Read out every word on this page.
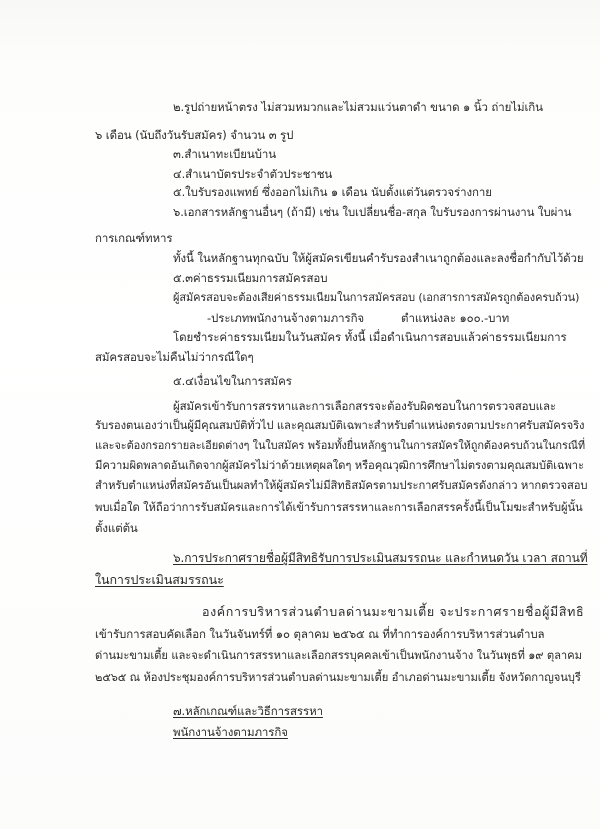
๒.รูปถ่ายหน้าตรง ไม่สวมหมวกและไม่สวมแว่นตาดำ ขนาด ๑ นิ้ว ถ่ายไม่เกิน
๖ เดือน (นับถึงวันรับสมัคร) จำนวน ๓ รูป
๓.สำเนาทะเบียนบ้าน
๔.สำเนาบัตรประจำตัวประชาชน
๕.ใบรับรองแพทย์ ซึ่งออกไม่เกิน ๑ เดือน นับตั้งแต่วันตรวจร่างกาย
๖.เอกสารหลักฐานอื่นๆ (ถ้ามี) เช่น ใบเปลี่ยนชื่อ-สกุล ใบรับรองการผ่านงาน ใบผ่าน
การเกณฑ์ทหาร
ทั้งนี้ ในหลักฐานทุกฉบับ ให้ผู้สมัครเขียนคำรับรองสำเนาถูกต้องและลงชื่อกำกับไว้ด้วย
๕.๓ค่าธรรมเนียมการสมัครสอบ
ผู้สมัครสอบจะต้องเสียค่าธรรมเนียมในการสมัครสอบ (เอกสารการสมัครถูกต้องครบถ้วน)
-ประเภทพนักงานจ้างตามภารกิจ	ตำแหน่งละ ๑๐๐.-บาท
โดยชำระค่าธรรมเนียมในวันสมัคร ทั้งนี้ เมื่อดำเนินการสอบแล้วค่าธรรมเนียมการ
สมัครสอบจะไม่คืนไม่ว่ากรณีใดๆ
๕.๔เงื่อนไขในการสมัคร
ผู้สมัครเข้ารับการสรรหาและการเลือกสรรจะต้องรับผิดชอบในการตรวจสอบและ
รับรองตนเองว่าเป็นผู้มีคุณสมบัติทั่วไป และคุณสมบัติเฉพาะสำหรับตำแหน่งตรงตามประกาศรับสมัครจริง
และจะต้องกรอกรายละเอียดต่างๆ ในใบสมัคร พร้อมทั้งยื่นหลักฐานในการสมัครให้ถูกต้องครบถ้วนในกรณีที่
มีความผิดพลาดอันเกิดจากผู้สมัครไม่ว่าด้วยเหตุผลใดๆ หรือคุณวุฒิการศึกษาไม่ตรงตามคุณสมบัติเฉพาะ
สำหรับตำแหน่งที่สมัครอันเป็นผลทำให้ผู้สมัครไม่มีสิทธิสมัครตามประกาศรับสมัครดังกล่าว หากตรวจสอบ
พบเมื่อใด ให้ถือว่าการรับสมัครและการได้เข้ารับการสรรหาและการเลือกสรรครั้งนี้เป็นโมฆะสำหรับผู้นั้น
ตั้งแต่ต้น
๖.การประกาศรายชื่อผู้มีสิทธิรับการประเมินสมรรถนะ และกำหนดวัน เวลา สถานที่
ในการประเมินสมรรถนะ
องค์การบริหารส่วนตำบลด่านมะขามเตี้ย จะประกาศรายชื่อผู้มีสิทธิ
เข้ารับการสอบคัดเลือก ในวันจันทร์ที่ ๑๐ ตุลาคม ๒๕๖๕ ณ ที่ทำการองค์การบริหารส่วนตำบล
ด่านมะขามเตี้ย และจะดำเนินการสรรหาและเลือกสรรบุคคลเข้าเป็นพนักงานจ้าง ในวันพุธที่ ๑๙ ตุลาคม
๒๕๖๕ ณ ห้องประชุมองค์การบริหารส่วนตำบลด่านมะขามเตี้ย อำเภอด่านมะขามเตี้ย จังหวัดกาญจนบุรี
๗.หลักเกณฑ์และวิธีการสรรหา
พนักงานจ้างตามภารกิจ
